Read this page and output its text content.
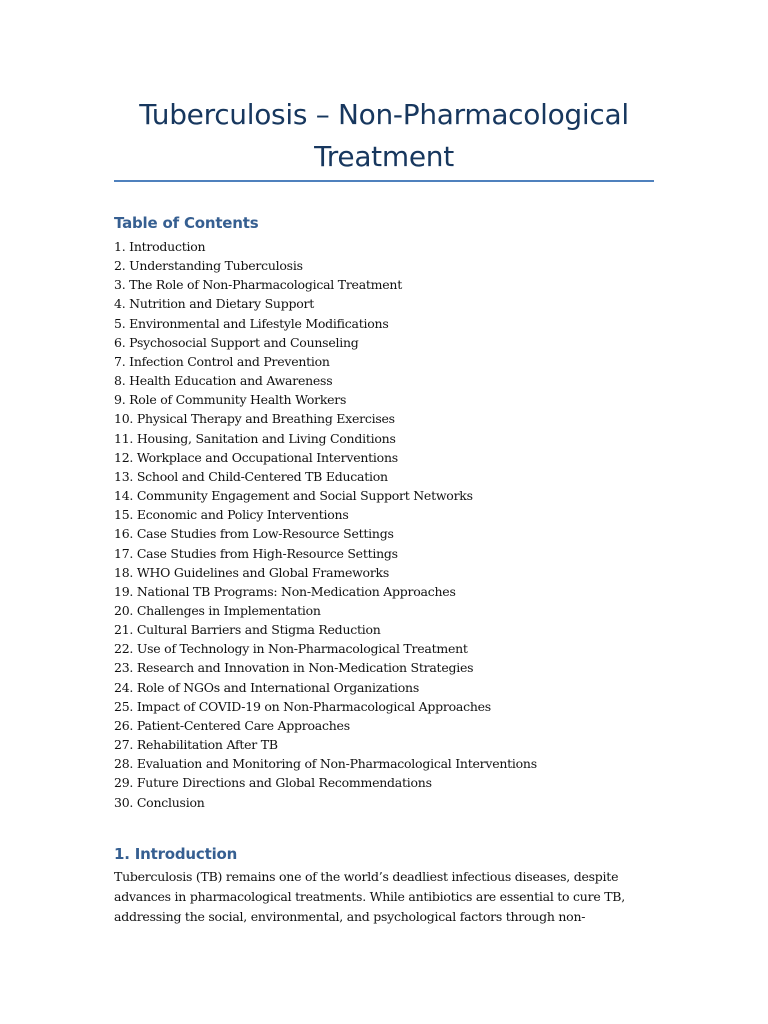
Tuberculosis – Non-Pharmacological
Treatment
Table of Contents
1. Introduction
2. Understanding Tuberculosis
3. The Role of Non-Pharmacological Treatment
4. Nutrition and Dietary Support
5. Environmental and Lifestyle Modifications
6. Psychosocial Support and Counseling
7. Infection Control and Prevention
8. Health Education and Awareness
9. Role of Community Health Workers
10. Physical Therapy and Breathing Exercises
11. Housing, Sanitation and Living Conditions
12. Workplace and Occupational Interventions
13. School and Child-Centered TB Education
14. Community Engagement and Social Support Networks
15. Economic and Policy Interventions
16. Case Studies from Low-Resource Settings
17. Case Studies from High-Resource Settings
18. WHO Guidelines and Global Frameworks
19. National TB Programs: Non-Medication Approaches
20. Challenges in Implementation
21. Cultural Barriers and Stigma Reduction
22. Use of Technology in Non-Pharmacological Treatment
23. Research and Innovation in Non-Medication Strategies
24. Role of NGOs and International Organizations
25. Impact of COVID-19 on Non-Pharmacological Approaches
26. Patient-Centered Care Approaches
27. Rehabilitation After TB
28. Evaluation and Monitoring of Non-Pharmacological Interventions
29. Future Directions and Global Recommendations
30. Conclusion
1. Introduction

Tuberculosis (TB) remains one of the world’s deadliest infectious diseases, despite
advances in pharmacological treatments. While antibiotics are essential to cure TB,
addressing the social, environmental, and psychological factors through non-
